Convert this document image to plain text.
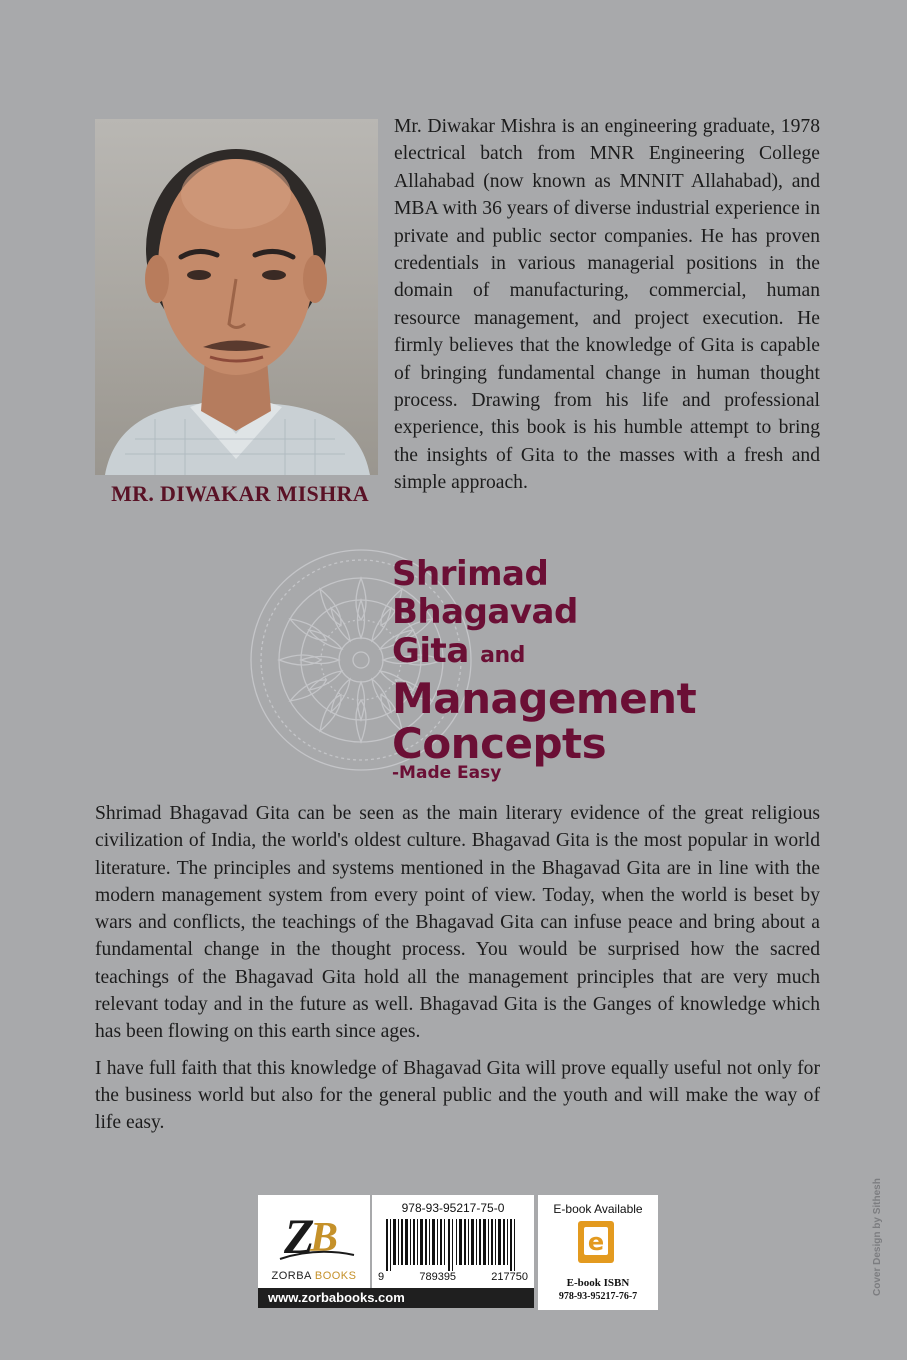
MR. DIWAKAR MISHRA

Mr. Diwakar Mishra is an engineering graduate, 1978 electrical batch from MNR Engineering College Allahabad (now known as MNNIT Allahabad), and MBA with 36 years of diverse industrial experience in private and public sector companies. He has proven credentials in various managerial positions in the domain of manufacturing, commercial, human resource management, and project execution. He firmly believes that the knowledge of Gita is capable of bringing fundamental change in human thought process. Drawing from his life and professional experience, this book is his humble attempt to bring the insights of Gita to the masses with a fresh and simple approach.

Shrimad
Bhagavad
Gita and
Management
Concepts
-Made Easy

Shrimad Bhagavad Gita can be seen as the main literary evidence of the great religious civilization of India, the world's oldest culture. Bhagavad Gita is the most popular in world literature. The principles and systems mentioned in the Bhagavad Gita are in line with the modern management system from every point of view. Today, when the world is beset by wars and conflicts, the teachings of the Bhagavad Gita can infuse peace and bring about a fundamental change in the thought process. You would be surprised how the sacred teachings of the Bhagavad Gita hold all the management principles that are very much relevant today and in the future as well. Bhagavad Gita is the Ganges of knowledge which has been flowing on this earth since ages.

I have full faith that this knowledge of Bhagavad Gita will prove equally useful not only for the business world but also for the general public and the youth and will make the way of life easy.

Cover Design by Sithesh
Z
B
ZORBA BOOKS
www.zorbabooks.com
978-93-95217-75-0
9	789395	217750
E-book Available
e
E-book ISBN
978-93-95217-76-7
